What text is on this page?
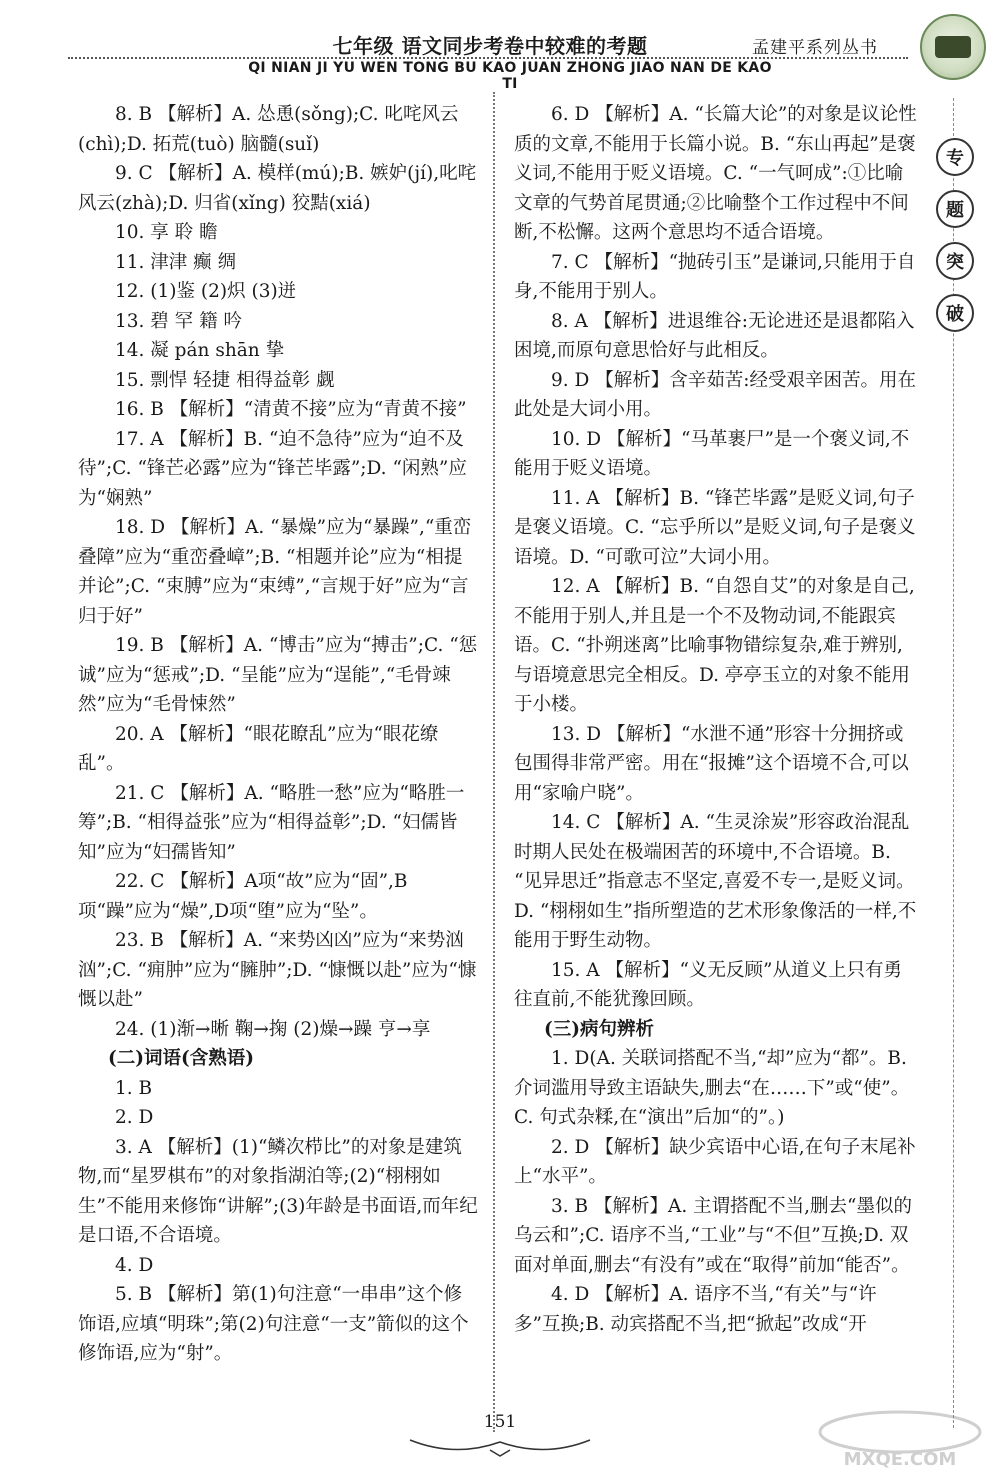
七年级 语文同步考卷中较难的考题	孟建平系列丛书
QI NIAN JI YU WEN TONG BU KAO JUAN ZHONG JIAO NAN DE KAO TI
专
题
突
破

8. B 【解析】A. 怂恿(sǒng);C. 叱咤风云(chì);D. 拓荒(tuò) 脑髓(suǐ)

9. C 【解析】A. 模样(mú);B. 嫉妒(jí),叱咤风云(zhà);D. 归省(xǐng) 狡黠(xiá)

10. 享 聆 瞻

11. 津津 癫 绸

12. (1)鉴 (2)炽 (3)迸

13. 碧 罕 籍 吟

14. 凝 pán shān 挚

15. 剽悍 轻捷 相得益彰 觑

16. B 【解析】“清黄不接”应为“青黄不接”

17. A 【解析】B. “迫不急待”应为“迫不及待”;C. “锋芒必露”应为“锋芒毕露”;D. “闲熟”应为“娴熟”

18. D 【解析】A. “暴燥”应为“暴躁”,“重峦叠障”应为“重峦叠嶂”;B. “相题并论”应为“相提并论”;C. “束膊”应为“束缚”,“言规于好”应为“言归于好”

19. B 【解析】A. “博击”应为“搏击”;C. “惩诚”应为“惩戒”;D. “呈能”应为“逞能”,“毛骨竦然”应为“毛骨悚然”

20. A 【解析】“眼花瞭乱”应为“眼花缭乱”。

21. C 【解析】A. “略胜一愁”应为“略胜一筹”;B. “相得益张”应为“相得益彰”;D. “妇儒皆知”应为“妇孺皆知”

22. C 【解析】A项“故”应为“固”,B项“躁”应为“燥”,D项“堕”应为“坠”。

23. B 【解析】A. “来势凶凶”应为“来势汹汹”;C. “痈肿”应为“臃肿”;D. “慷慨以赴”应为“慷慨以赴”

24. (1)渐→晰 鞠→掬 (2)燥→躁 亨→享

(二)词语(含熟语)

1. B

2. D

3. A 【解析】(1)“鳞次栉比”的对象是建筑物,而“星罗棋布”的对象指湖泊等;(2)“栩栩如生”不能用来修饰“讲解”;(3)年龄是书面语,而年纪是口语,不合语境。

4. D

5. B 【解析】第(1)句注意“一串串”这个修饰语,应填“明珠”;第(2)句注意“一支”箭似的这个修饰语,应为“射”。

6. D 【解析】A. “长篇大论”的对象是议论性质的文章,不能用于长篇小说。B. “东山再起”是褒义词,不能用于贬义语境。C. “一气呵成”:①比喻文章的气势首尾贯通;②比喻整个工作过程中不间断,不松懈。这两个意思均不适合语境。

7. C 【解析】“抛砖引玉”是谦词,只能用于自身,不能用于别人。

8. A 【解析】进退维谷:无论进还是退都陷入困境,而原句意思恰好与此相反。

9. D 【解析】含辛茹苦:经受艰辛困苦。用在此处是大词小用。

10. D 【解析】“马革裹尸”是一个褒义词,不能用于贬义语境。

11. A 【解析】B. “锋芒毕露”是贬义词,句子是褒义语境。C. “忘乎所以”是贬义词,句子是褒义语境。D. “可歌可泣”大词小用。

12. A 【解析】B. “自怨自艾”的对象是自己,不能用于别人,并且是一个不及物动词,不能跟宾语。C. “扑朔迷离”比喻事物错综复杂,难于辨别,与语境意思完全相反。D. 亭亭玉立的对象不能用于小楼。

13. D 【解析】“水泄不通”形容十分拥挤或包围得非常严密。用在“报摊”这个语境不合,可以用“家喻户晓”。

14. C 【解析】A. “生灵涂炭”形容政治混乱时期人民处在极端困苦的环境中,不合语境。B. “见异思迁”指意志不坚定,喜爱不专一,是贬义词。D. “栩栩如生”指所塑造的艺术形象像活的一样,不能用于野生动物。

15. A 【解析】“义无反顾”从道义上只有勇往直前,不能犹豫回顾。

(三)病句辨析

1. D(A. 关联词搭配不当,“却”应为“都”。B. 介词滥用导致主语缺失,删去“在……下”或“使”。C. 句式杂糅,在“演出”后加“的”。)

2. D 【解析】缺少宾语中心语,在句子末尾补上“水平”。

3. B 【解析】A. 主谓搭配不当,删去“墨似的乌云和”;C. 语序不当,“工业”与“不但”互换;D. 双面对单面,删去“有没有”或在“取得”前加“能否”。

4. D 【解析】A. 语序不当,“有关”与“许多”互换;B. 动宾搭配不当,把“掀起”改成“开

151
MXQE.COM
